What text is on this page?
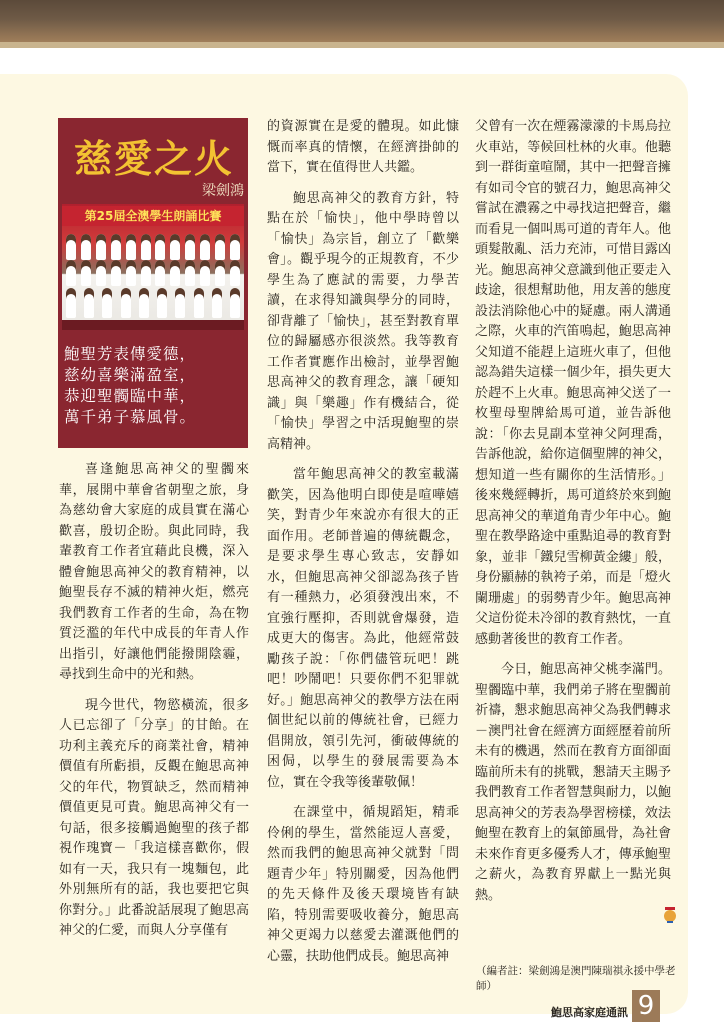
慈愛之火
梁劍鴻
第25屆全澳學生朗誦比賽
鮑聖芳表傳愛德，
慈幼喜樂滿盈室，
恭迎聖髑臨中華，
萬千弟子慕風骨。

喜逢鮑思高神父的聖髑來華，展開中華會省朝聖之旅，身為慈幼會大家庭的成員實在滿心歡喜，殷切企盼。與此同時，我輩教育工作者宜藉此良機，深入體會鮑思高神父的教育精神，以鮑聖長存不滅的精神火炬，燃亮我們教育工作者的生命，為在物質泛濫的年代中成長的年青人作出指引，好讓他們能撥開陰霾，尋找到生命中的光和熱。

現今世代，物慾橫流，很多人已忘卻了「分享」的甘飴。在功利主義充斥的商業社會，精神價值有所虧損，反觀在鮑思高神父的年代，物質缺乏，然而精神價值更見可貴。鮑思高神父有一句話，很多接觸過鮑聖的孩子都視作瑰寶－「我這樣喜歡你，假如有一天，我只有一塊麵包，此外別無所有的話，我也要把它與你對分。」此番說話展現了鮑思高神父的仁愛，而與人分享僅有

的資源實在是愛的體現。如此慷慨而率真的情懷，在經濟掛帥的當下，實在值得世人共鑑。

鮑思高神父的教育方針，特點在於「愉快」，他中學時曾以「愉快」為宗旨，創立了「歡樂會」。觀乎現今的正規教育，不少學生為了應試的需要，力學苦讀，在求得知識與學分的同時，卻背離了「愉快」，甚至對教育單位的歸屬感亦很淡然。我等教育工作者實應作出檢討，並學習鮑思高神父的教育理念，讓「硬知識」與「樂趣」作有機結合，從「愉快」學習之中活現鮑聖的崇高精神。

當年鮑思高神父的教室載滿歡笑，因為他明白即使是喧嘩嬉笑，對青少年來說亦有很大的正面作用。老師普遍的傳統觀念，是要求學生專心致志，安靜如水，但鮑思高神父卻認為孩子皆有一種熱力，必須發洩出來，不宜強行壓抑，否則就會爆發，造成更大的傷害。為此，他經常鼓勵孩子說：「你們儘管玩吧！跳吧！吵鬧吧！只要你們不犯罪就好。」鮑思高神父的教學方法在兩個世紀以前的傳統社會，已經力倡開放，領引先河，衝破傳統的困侷，以學生的發展需要為本位，實在令我等後輩敬佩！

在課堂中，循規蹈矩，精乖伶俐的學生，當然能逗人喜愛，然而我們的鮑思高神父就對「問題青少年」特別關愛，因為他們的先天條件及後天環境皆有缺陷，特別需要吸收養分，鮑思高神父更竭力以慈愛去灌溉他們的心靈，扶助他們成長。鮑思高神

父曾有一次在煙霧濛濛的卡馬烏拉火車站，等候回杜林的火車。他聽到一群街童喧鬧，其中一把聲音擁有如司令官的號召力，鮑思高神父嘗試在濃霧之中尋找這把聲音，繼而看見一個叫馬可道的青年人。他頭髮散亂、活力充沛，可惜目露凶光。鮑思高神父意識到他正要走入歧途，很想幫助他，用友善的態度設法消除他心中的疑慮。兩人溝通之際，火車的汽笛鳴起，鮑思高神父知道不能趕上這班火車了，但他認為錯失這樣一個少年，損失更大於趕不上火車。鮑思高神父送了一枚聖母聖牌給馬可道，並告訴他說：「你去見副本堂神父阿理喬，告訴他說，給你這個聖牌的神父，想知道一些有關你的生活情形。」後來幾經轉折，馬可道終於來到鮑思高神父的華道角青少年中心。鮑聖在教學路途中重點追尋的教育對象，並非「鐵兒雪柳黃金縷」般，身份顯赫的執袴子弟，而是「燈火闌珊處」的弱勢青少年。鮑思高神父這份從未冷卻的教育熱忱，一直感動著後世的教育工作者。

今日，鮑思高神父桃李滿門。聖髑臨中華，我們弟子將在聖髑前祈禱，懇求鮑思高神父為我們轉求－澳門社會在經濟方面經歷着前所未有的機遇，然而在教育方面卻面臨前所未有的挑戰，懇請天主賜予我們教育工作者智慧與耐力，以鮑思高神父的芳表為學習榜樣，效法鮑聖在教育上的氣節風骨，為社會未來作育更多優秀人才，傳承鮑聖之薪火，為教育界獻上一點光與熱。

（編者註：梁劍鴻是澳門陳瑞祺永援中學老師）
鮑思高家庭通訊 9
